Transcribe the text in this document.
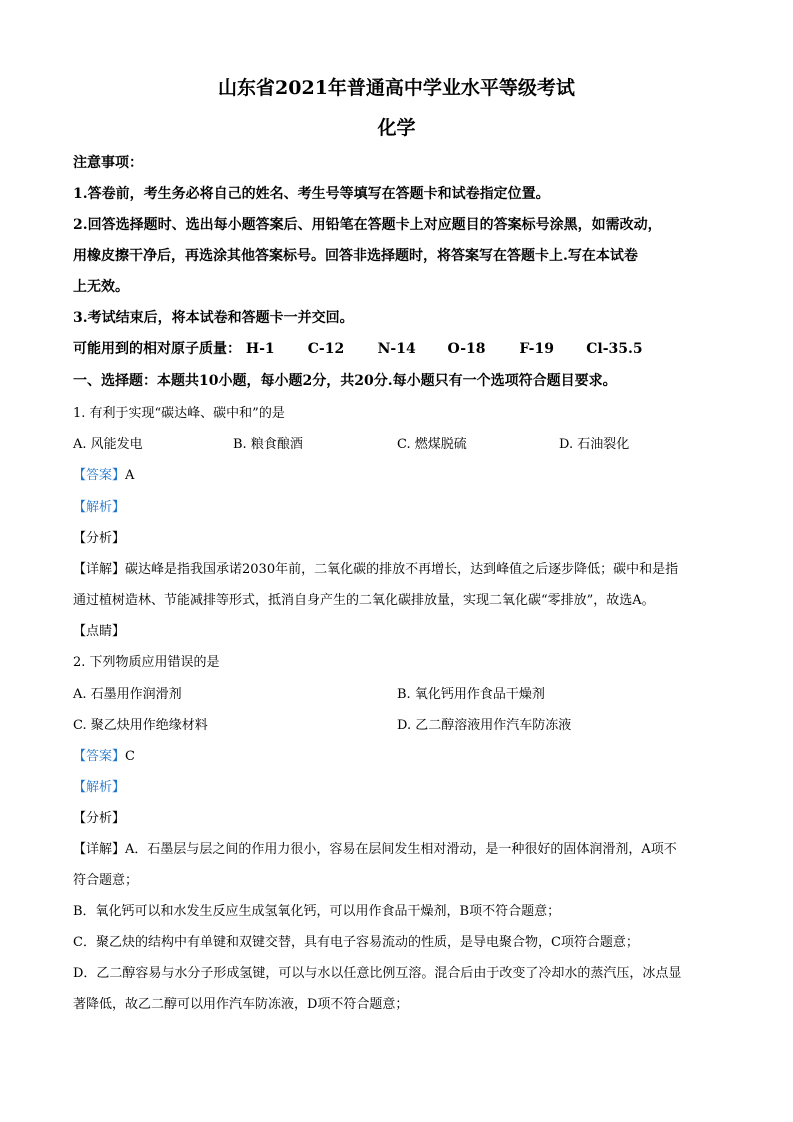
山东省2021年普通高中学业水平等级考试
化学
注意事项：
1.答卷前，考生务必将自己的姓名、考生号等填写在答题卡和试卷指定位置。
2.回答选择题时、选出每小题答案后、用铅笔在答题卡上对应题目的答案标号涂黑，如需改动，
用橡皮擦干净后，再选涂其他答案标号。回答非选择题时，将答案写在答题卡上.写在本试卷
上无效。
3.考试结束后，将本试卷和答题卡一并交回。
可能用到的相对原子质量： H-1 C-12 N-14 O-18 F-19 Cl-35.5
一、选择题：本题共10小题，每小题2分，共20分.每小题只有一个选项符合题目要求。
1. 有利于实现“碳达峰、碳中和”的是
A. 风能发电	B. 粮食酿酒	C. 燃煤脱硫	D. 石油裂化
【答案】A
【解析】
【分析】
【详解】碳达峰是指我国承诺2030年前，二氧化碳的排放不再增长，达到峰值之后逐步降低；碳中和是指
通过植树造林、节能减排等形式，抵消自身产生的二氧化碳排放量，实现二氧化碳“零排放”，故选A。
【点睛】
2. 下列物质应用错误的是
A. 石墨用作润滑剂	B. 氧化钙用作食品干燥剂
C. 聚乙炔用作绝缘材料	D. 乙二醇溶液用作汽车防冻液
【答案】C
【解析】
【分析】
【详解】A．石墨层与层之间的作用力很小，容易在层间发生相对滑动，是一种很好的固体润滑剂，A项不
符合题意；
B．氧化钙可以和水发生反应生成氢氧化钙，可以用作食品干燥剂，B项不符合题意；
C．聚乙炔的结构中有单键和双键交替，具有电子容易流动的性质，是导电聚合物，C项符合题意；
D．乙二醇容易与水分子形成氢键，可以与水以任意比例互溶。混合后由于改变了冷却水的蒸汽压，冰点显
著降低，故乙二醇可以用作汽车防冻液，D项不符合题意；
